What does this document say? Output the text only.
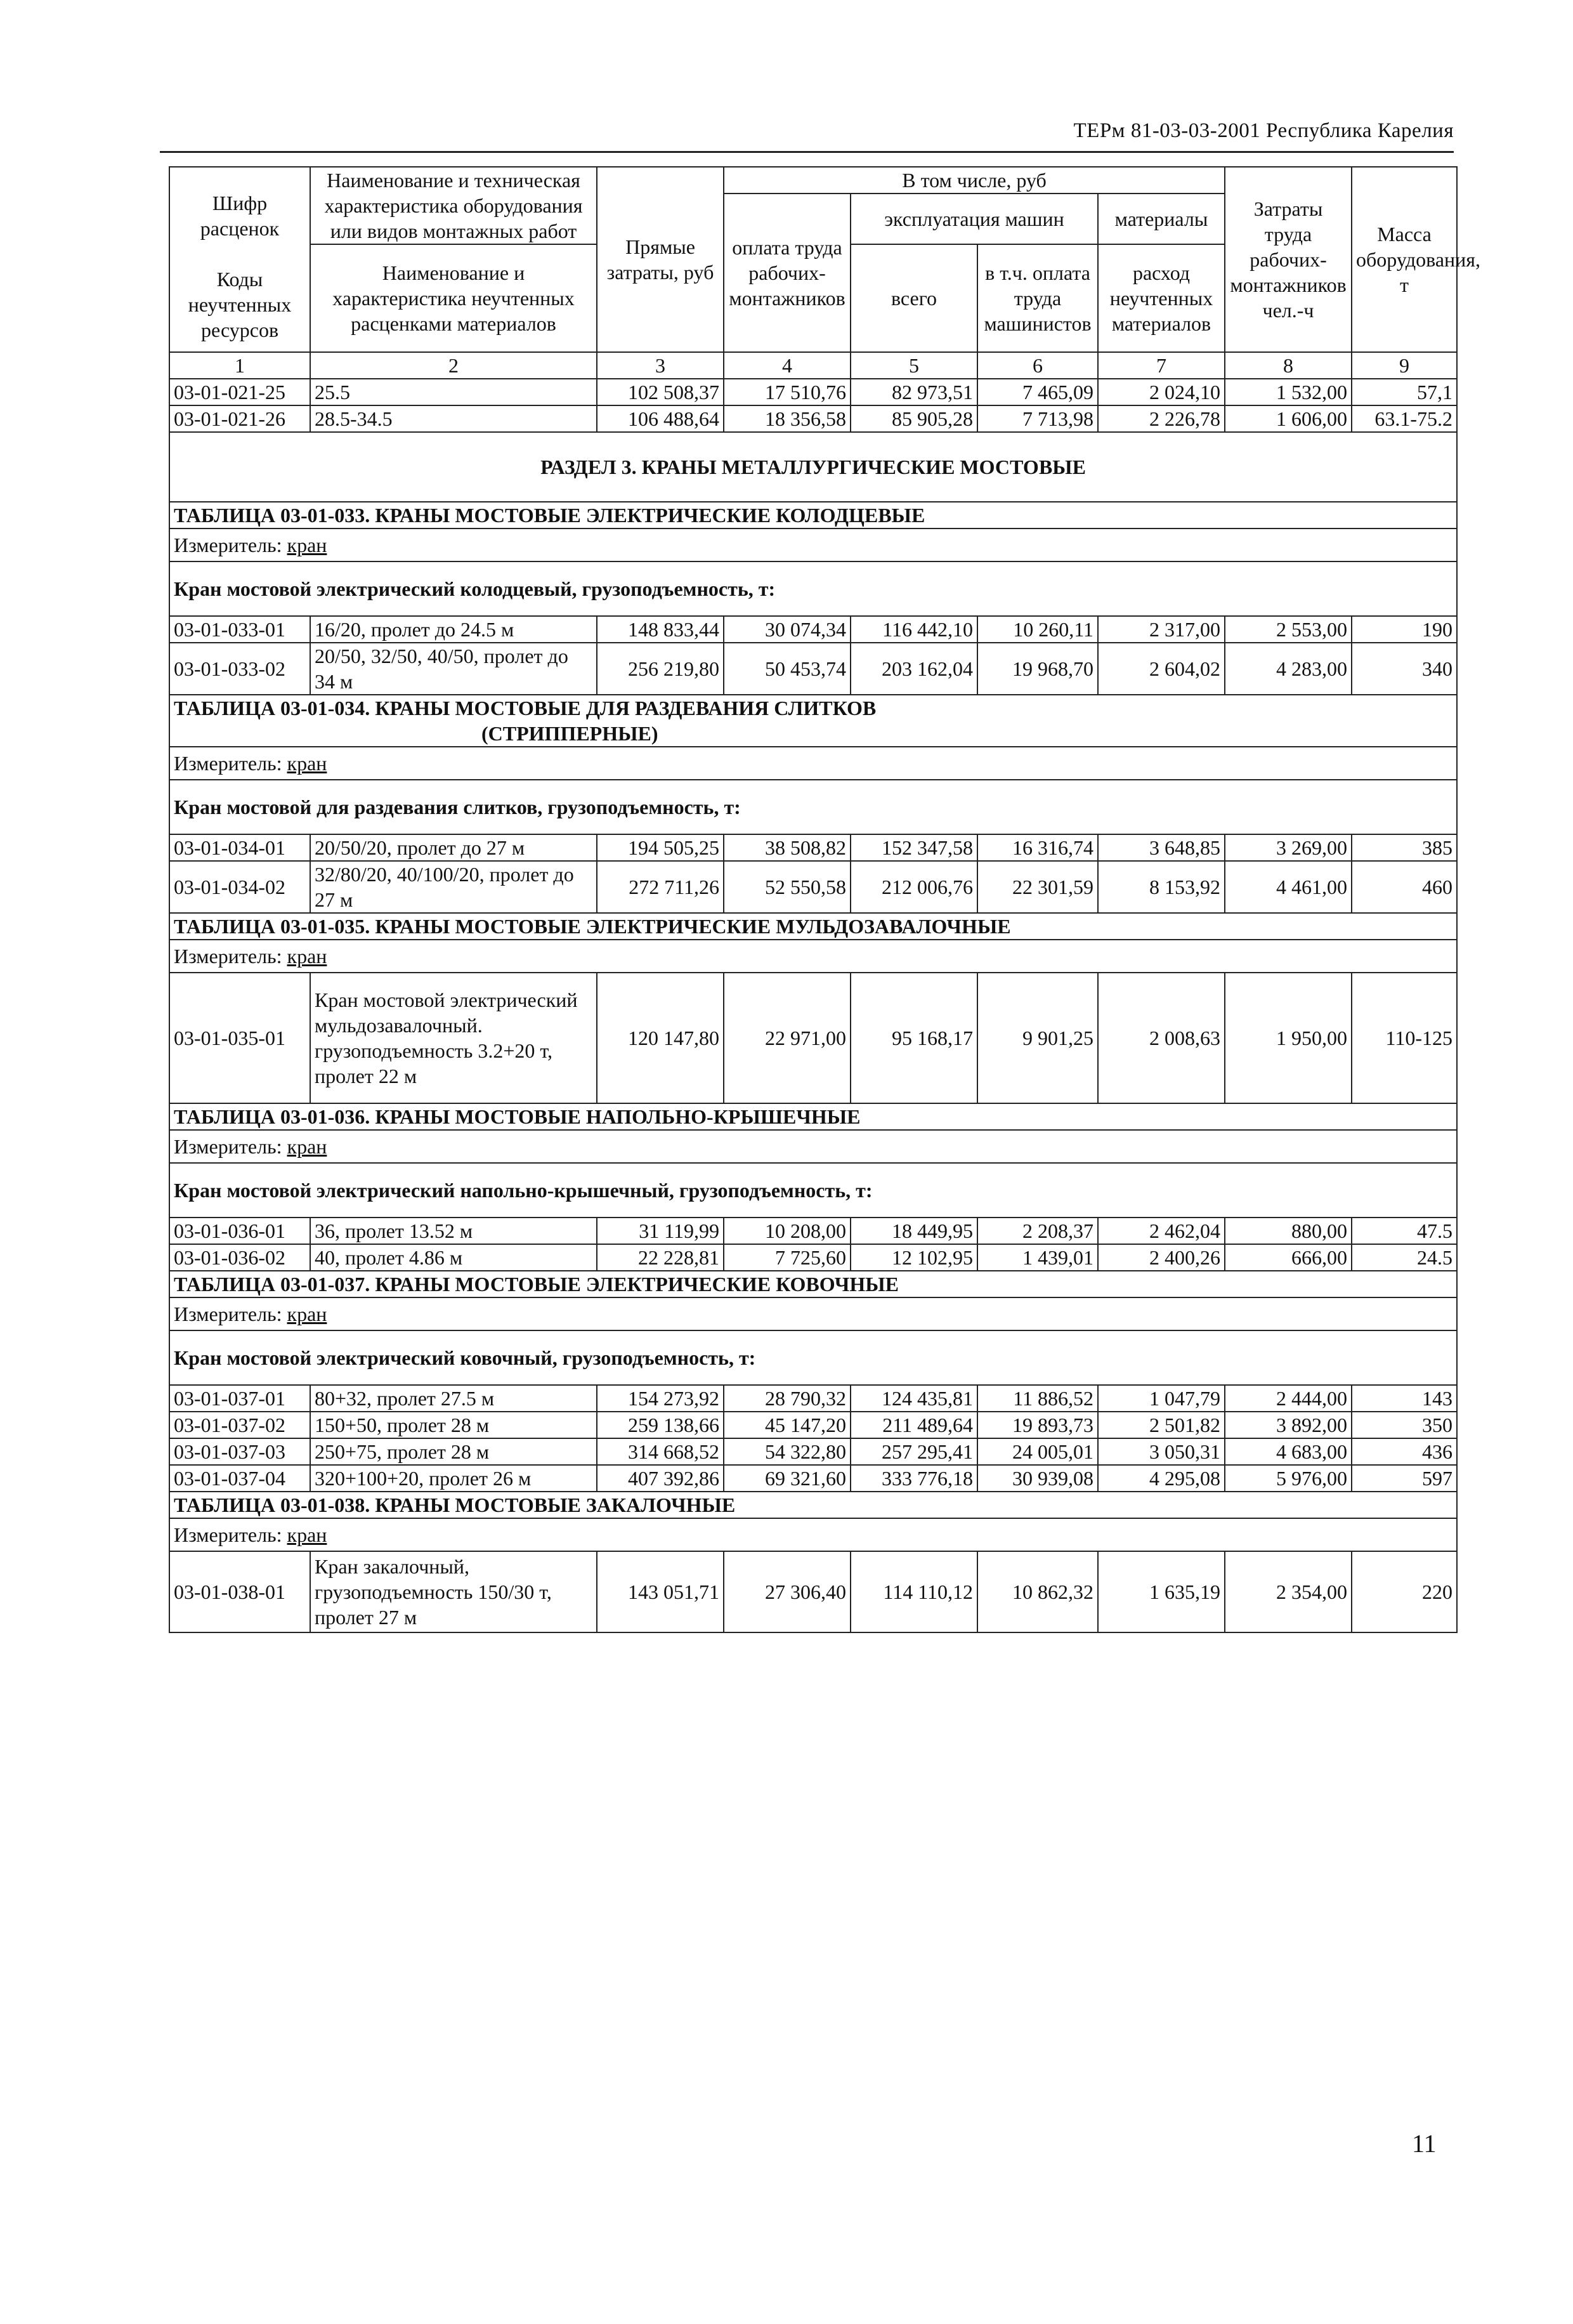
ТЕРм 81-03-03-2001 Республика Карелия
Шифр расценок	Наименование и техническая характеристика оборудования или видов монтажных работ	Прямые затраты, руб	В том числе, руб				Затраты труда рабочих-монтажников чел.-ч	Масса оборудования, т
			оплата труда рабочих-монтажников	эксплуатация машин		материалы		
Коды неучтенных ресурсов	Наименование и характеристика неучтенных расценками материалов			всего	в т.ч. оплата труда машинистов	расход неучтенных материалов		

1	2	3	4	5	6	7	8	9
03-01-021-25	25.5	102 508,37	17 510,76	82 973,51	7 465,09	2 024,10	1 532,00	57,1
03-01-021-26	28.5-34.5	106 488,64	18 356,58	85 905,28	7 713,98	2 226,78	1 606,00	63.1-75.2
РАЗДЕЛ 3. КРАНЫ МЕТАЛЛУРГИЧЕСКИЕ МОСТОВЫЕ								
ТАБЛИЦА 03-01-033. КРАНЫ МОСТОВЫЕ ЭЛЕКТРИЧЕСКИЕ КОЛОДЦЕВЫЕ								
Измеритель: кран								
Кран мостовой электрический колодцевый, грузоподъемность, т:								
03-01-033-01	16/20, пролет до 24.5 м	148 833,44	30 074,34	116 442,10	10 260,11	2 317,00	2 553,00	190
03-01-033-02	20/50, 32/50, 40/50, пролет до 34 м	256 219,80	50 453,74	203 162,04	19 968,70	2 604,02	4 283,00	340
ТАБЛИЦА 03-01-034. КРАНЫ МОСТОВЫЕ ДЛЯ РАЗДЕВАНИЯ СЛИТКОВ
(СТРИППЕРНЫЕ)								

Измеритель: кран								
Кран мостовой для раздевания слитков, грузоподъемность, т:								
03-01-034-01	20/50/20, пролет до 27 м	194 505,25	38 508,82	152 347,58	16 316,74	3 648,85	3 269,00	385
03-01-034-02	32/80/20, 40/100/20, пролет до 27 м	272 711,26	52 550,58	212 006,76	22 301,59	8 153,92	4 461,00	460
ТАБЛИЦА 03-01-035. КРАНЫ МОСТОВЫЕ ЭЛЕКТРИЧЕСКИЕ МУЛЬДОЗАВАЛОЧНЫЕ								
Измеритель: кран								
03-01-035-01	Кран мостовой электрический мульдозавалочный. грузоподъемность 3.2+20 т, пролет 22 м	120 147,80	22 971,00	95 168,17	9 901,25	2 008,63	1 950,00	110-125
ТАБЛИЦА 03-01-036. КРАНЫ МОСТОВЫЕ НАПОЛЬНО-КРЫШЕЧНЫЕ								
Измеритель: кран								
Кран мостовой электрический напольно-крышечный, грузоподъемность, т:								
03-01-036-01	36, пролет 13.52 м	31 119,99	10 208,00	18 449,95	2 208,37	2 462,04	880,00	47.5
03-01-036-02	40, пролет 4.86 м	22 228,81	7 725,60	12 102,95	1 439,01	2 400,26	666,00	24.5
ТАБЛИЦА 03-01-037. КРАНЫ МОСТОВЫЕ ЭЛЕКТРИЧЕСКИЕ КОВОЧНЫЕ								
Измеритель: кран								
Кран мостовой электрический ковочный, грузоподъемность, т:								
03-01-037-01	80+32, пролет 27.5 м	154 273,92	28 790,32	124 435,81	11 886,52	1 047,79	2 444,00	143
03-01-037-02	150+50, пролет 28 м	259 138,66	45 147,20	211 489,64	19 893,73	2 501,82	3 892,00	350
03-01-037-03	250+75, пролет 28 м	314 668,52	54 322,80	257 295,41	24 005,01	3 050,31	4 683,00	436
03-01-037-04	320+100+20, пролет 26 м	407 392,86	69 321,60	333 776,18	30 939,08	4 295,08	5 976,00	597
ТАБЛИЦА 03-01-038. КРАНЫ МОСТОВЫЕ ЗАКАЛОЧНЫЕ								
Измеритель: кран								
03-01-038-01	Кран закалочный, грузоподъемность 150/30 т, пролет 27 м	143 051,71	27 306,40	114 110,12	10 862,32	1 635,19	2 354,00	220
11
